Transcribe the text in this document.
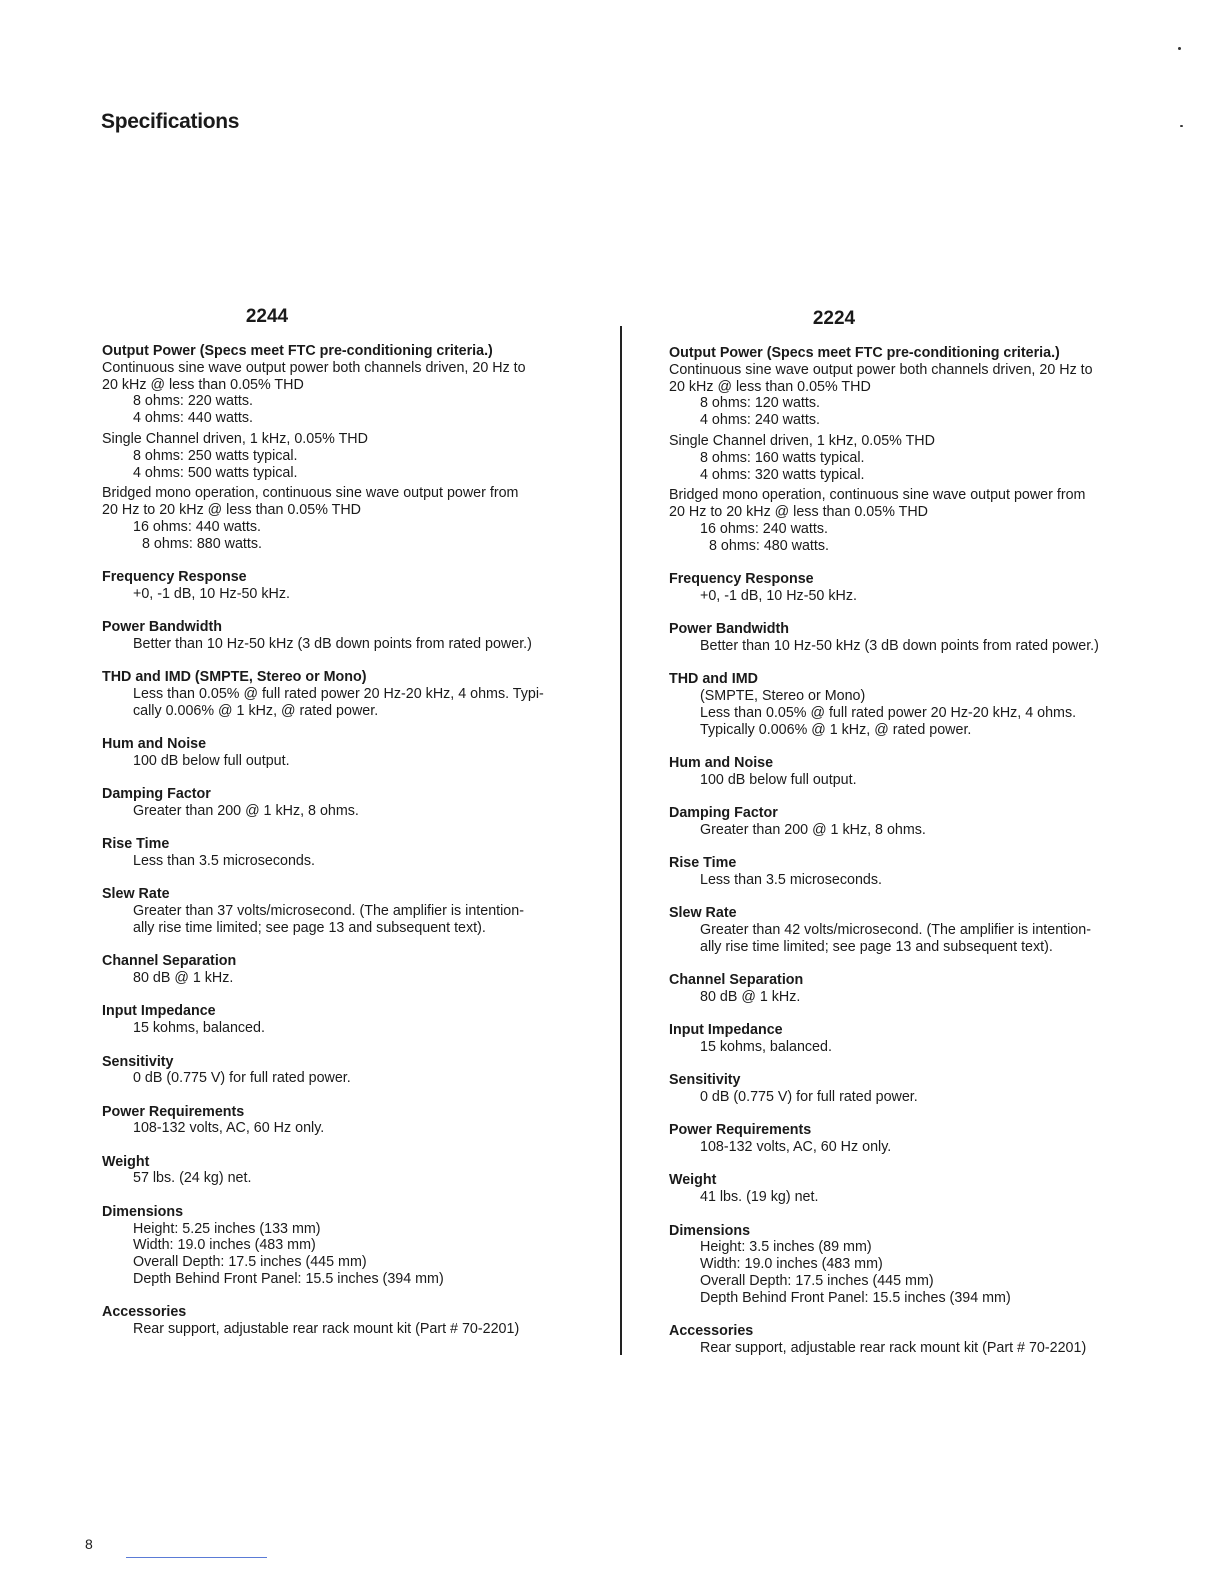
Specifications
2244
Output Power (Specs meet FTC pre-conditioning criteria.)
Continuous sine wave output power both channels driven, 20 Hz to
20 kHz @ less than 0.05% THD
8 ohms: 220 watts.
4 ohms: 440 watts.
Single Channel driven, 1 kHz, 0.05% THD
8 ohms: 250 watts typical.
4 ohms: 500 watts typical.
Bridged mono operation, continuous sine wave output power from
20 Hz to 20 kHz @ less than 0.05% THD
16 ohms: 440 watts.
8 ohms: 880 watts.
Frequency Response
+0, -1 dB, 10 Hz-50 kHz.
Power Bandwidth
Better than 10 Hz-50 kHz (3 dB down points from rated power.)
THD and IMD (SMPTE, Stereo or Mono)
Less than 0.05% @ full rated power 20 Hz-20 kHz, 4 ohms. Typi-
cally 0.006% @ 1 kHz, @ rated power.
Hum and Noise
100 dB below full output.
Damping Factor
Greater than 200 @ 1 kHz, 8 ohms.
Rise Time
Less than 3.5 microseconds.
Slew Rate
Greater than 37 volts/microsecond. (The amplifier is intention-
ally rise time limited; see page 13 and subsequent text).
Channel Separation
80 dB @ 1 kHz.
Input Impedance
15 kohms, balanced.
Sensitivity
0 dB (0.775 V) for full rated power.
Power Requirements
108-132 volts, AC, 60 Hz only.
Weight
57 lbs. (24 kg) net.
Dimensions
Height: 5.25 inches (133 mm)
Width: 19.0 inches (483 mm)
Overall Depth: 17.5 inches (445 mm)
Depth Behind Front Panel: 15.5 inches (394 mm)
Accessories
Rear support, adjustable rear rack mount kit (Part # 70-2201)
2224
Output Power (Specs meet FTC pre-conditioning criteria.)
Continuous sine wave output power both channels driven, 20 Hz to
20 kHz @ less than 0.05% THD
8 ohms: 120 watts.
4 ohms: 240 watts.
Single Channel driven, 1 kHz, 0.05% THD
8 ohms: 160 watts typical.
4 ohms: 320 watts typical.
Bridged mono operation, continuous sine wave output power from
20 Hz to 20 kHz @ less than 0.05% THD
16 ohms: 240 watts.
8 ohms: 480 watts.
Frequency Response
+0, -1 dB, 10 Hz-50 kHz.
Power Bandwidth
Better than 10 Hz-50 kHz (3 dB down points from rated power.)
THD and IMD
(SMPTE, Stereo or Mono)
Less than 0.05% @ full rated power 20 Hz-20 kHz, 4 ohms.
Typically 0.006% @ 1 kHz, @ rated power.
Hum and Noise
100 dB below full output.
Damping Factor
Greater than 200 @ 1 kHz, 8 ohms.
Rise Time
Less than 3.5 microseconds.
Slew Rate
Greater than 42 volts/microsecond. (The amplifier is intention-
ally rise time limited; see page 13 and subsequent text).
Channel Separation
80 dB @ 1 kHz.
Input Impedance
15 kohms, balanced.
Sensitivity
0 dB (0.775 V) for full rated power.
Power Requirements
108-132 volts, AC, 60 Hz only.
Weight
41 lbs. (19 kg) net.
Dimensions
Height: 3.5 inches (89 mm)
Width: 19.0 inches (483 mm)
Overall Depth: 17.5 inches (445 mm)
Depth Behind Front Panel: 15.5 inches (394 mm)
Accessories
Rear support, adjustable rear rack mount kit (Part # 70-2201)
8
